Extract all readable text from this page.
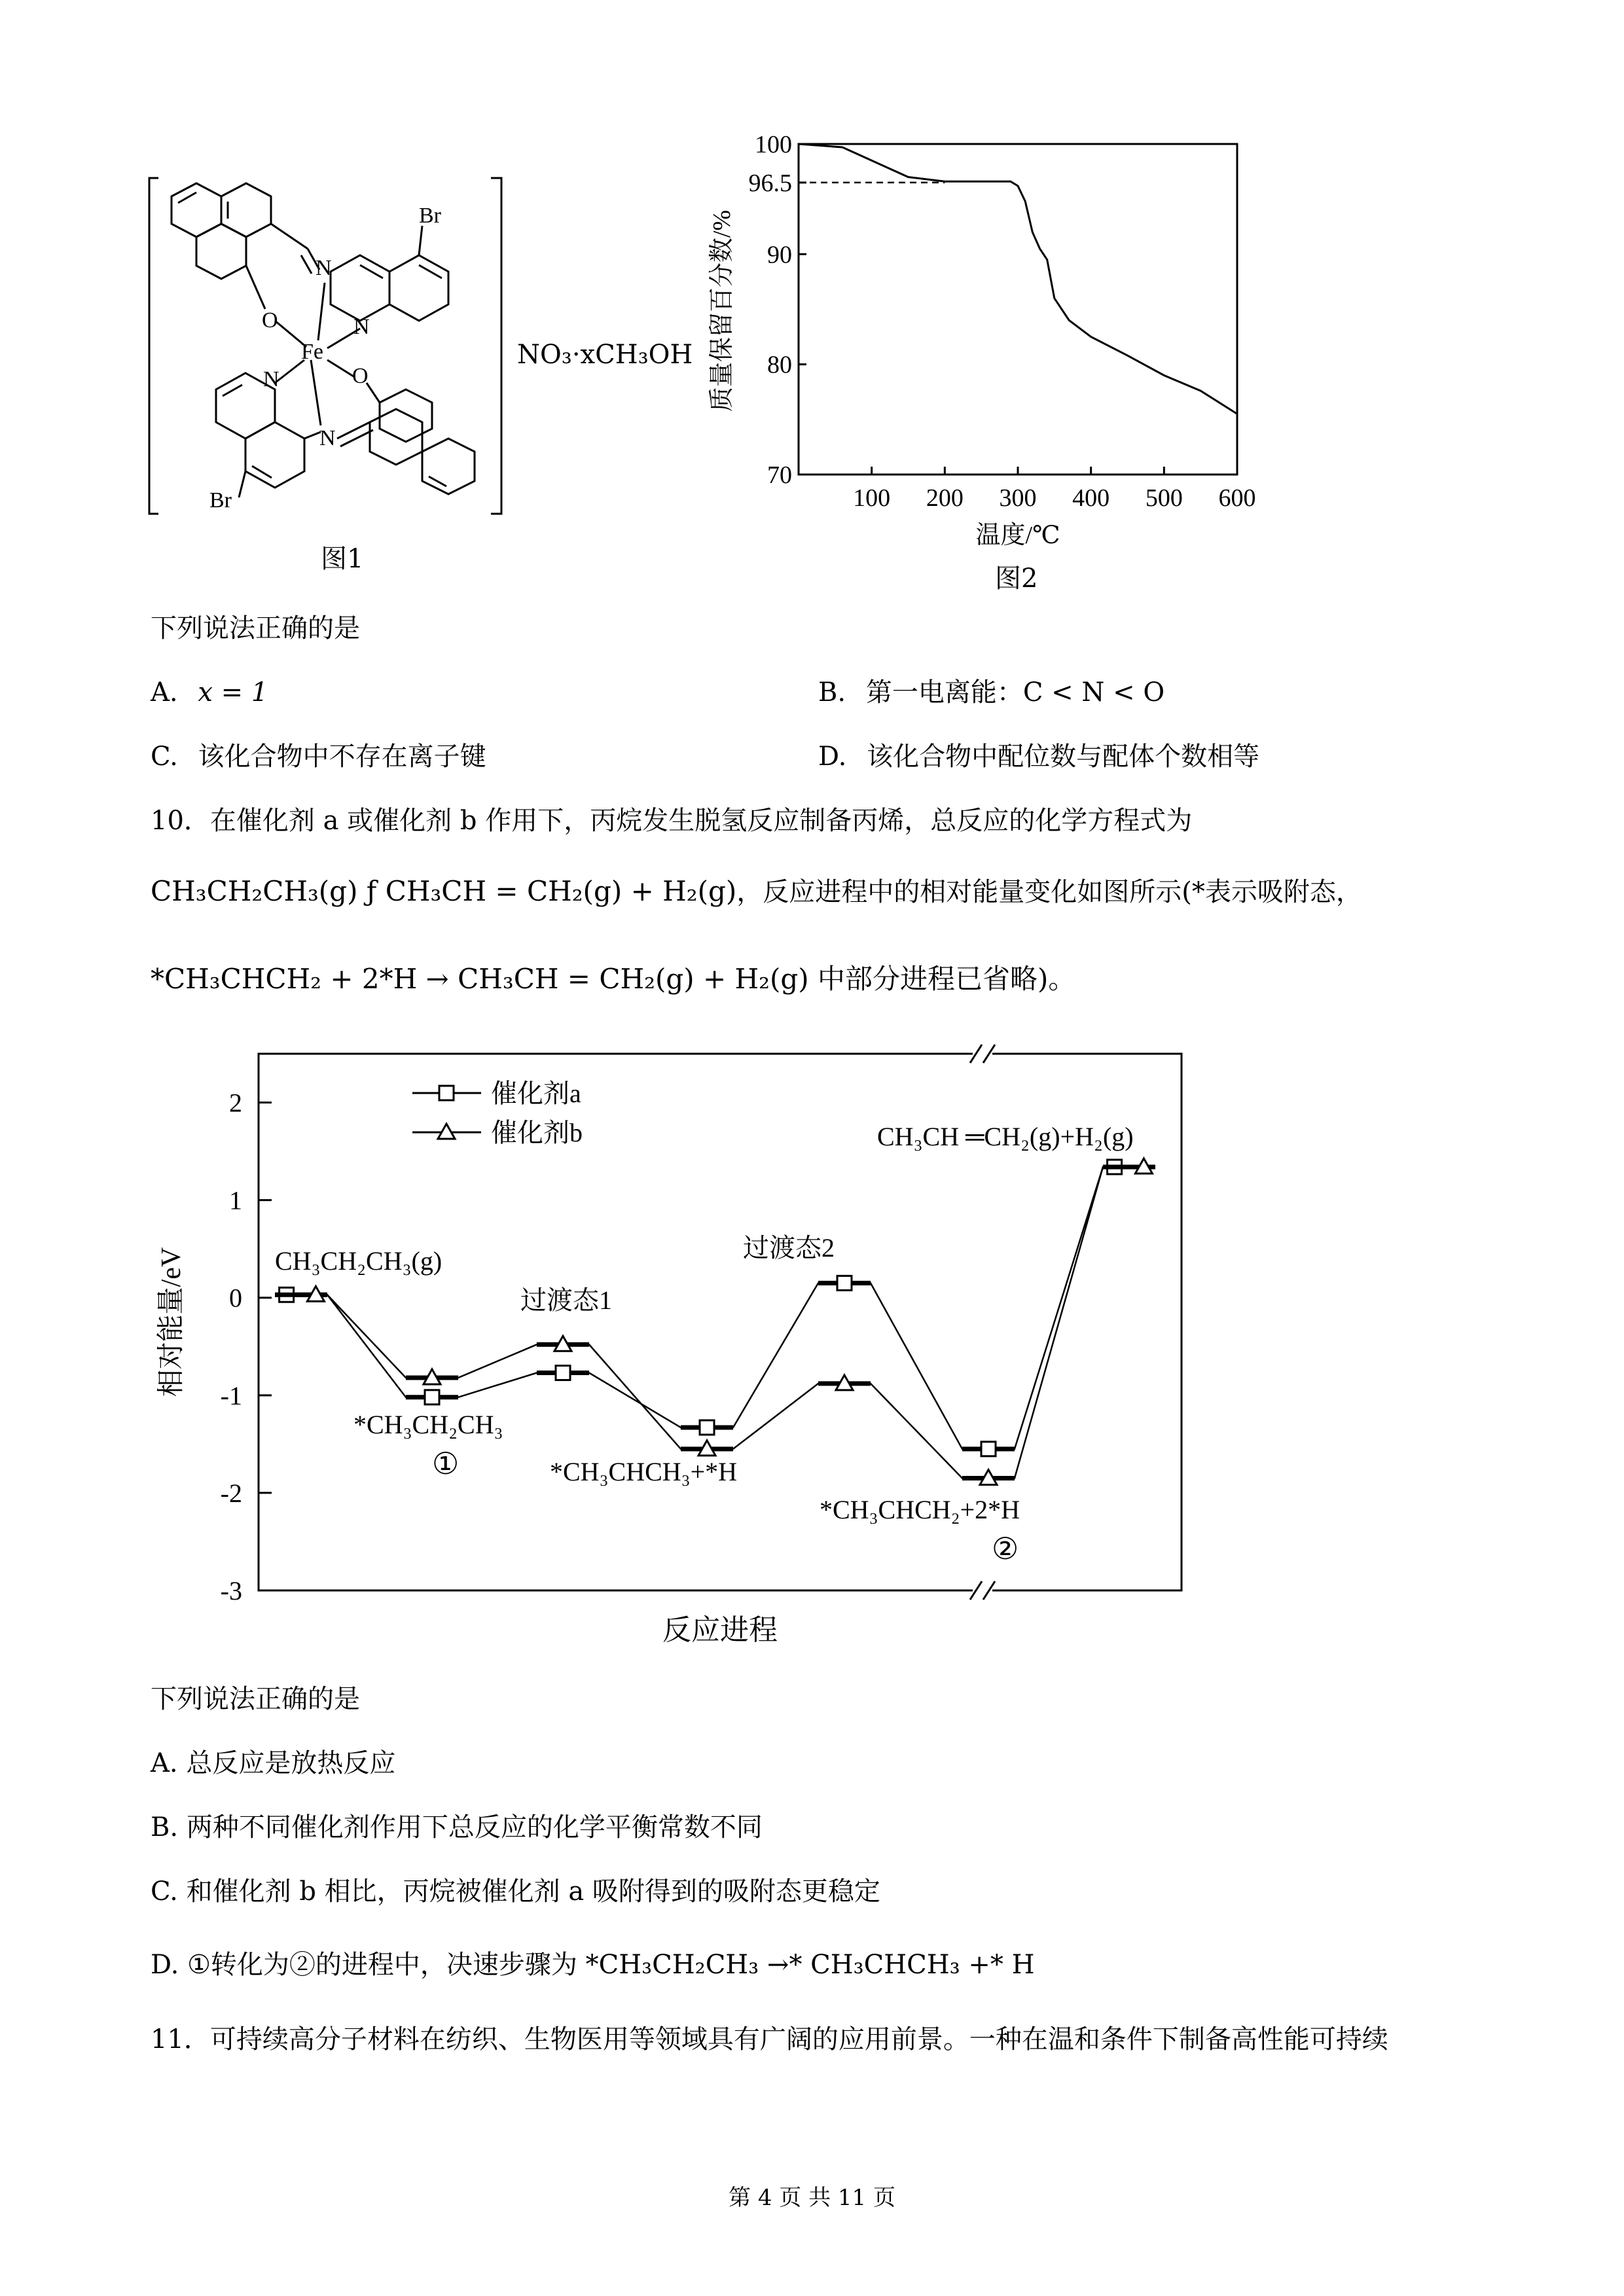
O
Fe
N
N
Br
O
N
N
Br
NO₃·xCH₃OH
图1
100 200 300 400 500 600
100
96.5
90
80
70
温度/℃
质量保留百分数/%
图2
下列说法正确的是
A. x = 1	B. 第一电离能：C < N < O
C. 该化合物中不存在离子键	D. 该化合物中配位数与配体个数相等
10．在催化剂 a 或催化剂 b 作用下，丙烷发生脱氢反应制备丙烯，总反应的化学方程式为
CH₃CH₂CH₃(g) ƒ CH₃CH = CH₂(g) + H₂(g)，反应进程中的相对能量变化如图所示(*表示吸附态，
*CH₃CHCH₂ + 2*H → CH₃CH = CH₂(g) + H₂(g) 中部分进程已省略)。
2
1
0
-1
-2
-3
催化剂a
催化剂b
CH₃CH₂CH₃(g)
过渡态1
过渡态2
*CH₃CH₂CH₃
①	*CH₃CHCH₃+*H
*CH₃CHCH₂+2*H
②
CH₃CH ═CH₂(g)+H₂(g)
相对能量/eV
反应进程
下列说法正确的是
A. 总反应是放热反应
B. 两种不同催化剂作用下总反应的化学平衡常数不同
C. 和催化剂 b 相比，丙烷被催化剂 a 吸附得到的吸附态更稳定
D. ①转化为②的进程中，决速步骤为 *CH₃CH₂CH₃ →* CH₃CHCH₃ +* H
11．可持续高分子材料在纺织、生物医用等领域具有广阔的应用前景。一种在温和条件下制备高性能可持续
第 4 页 共 11 页
